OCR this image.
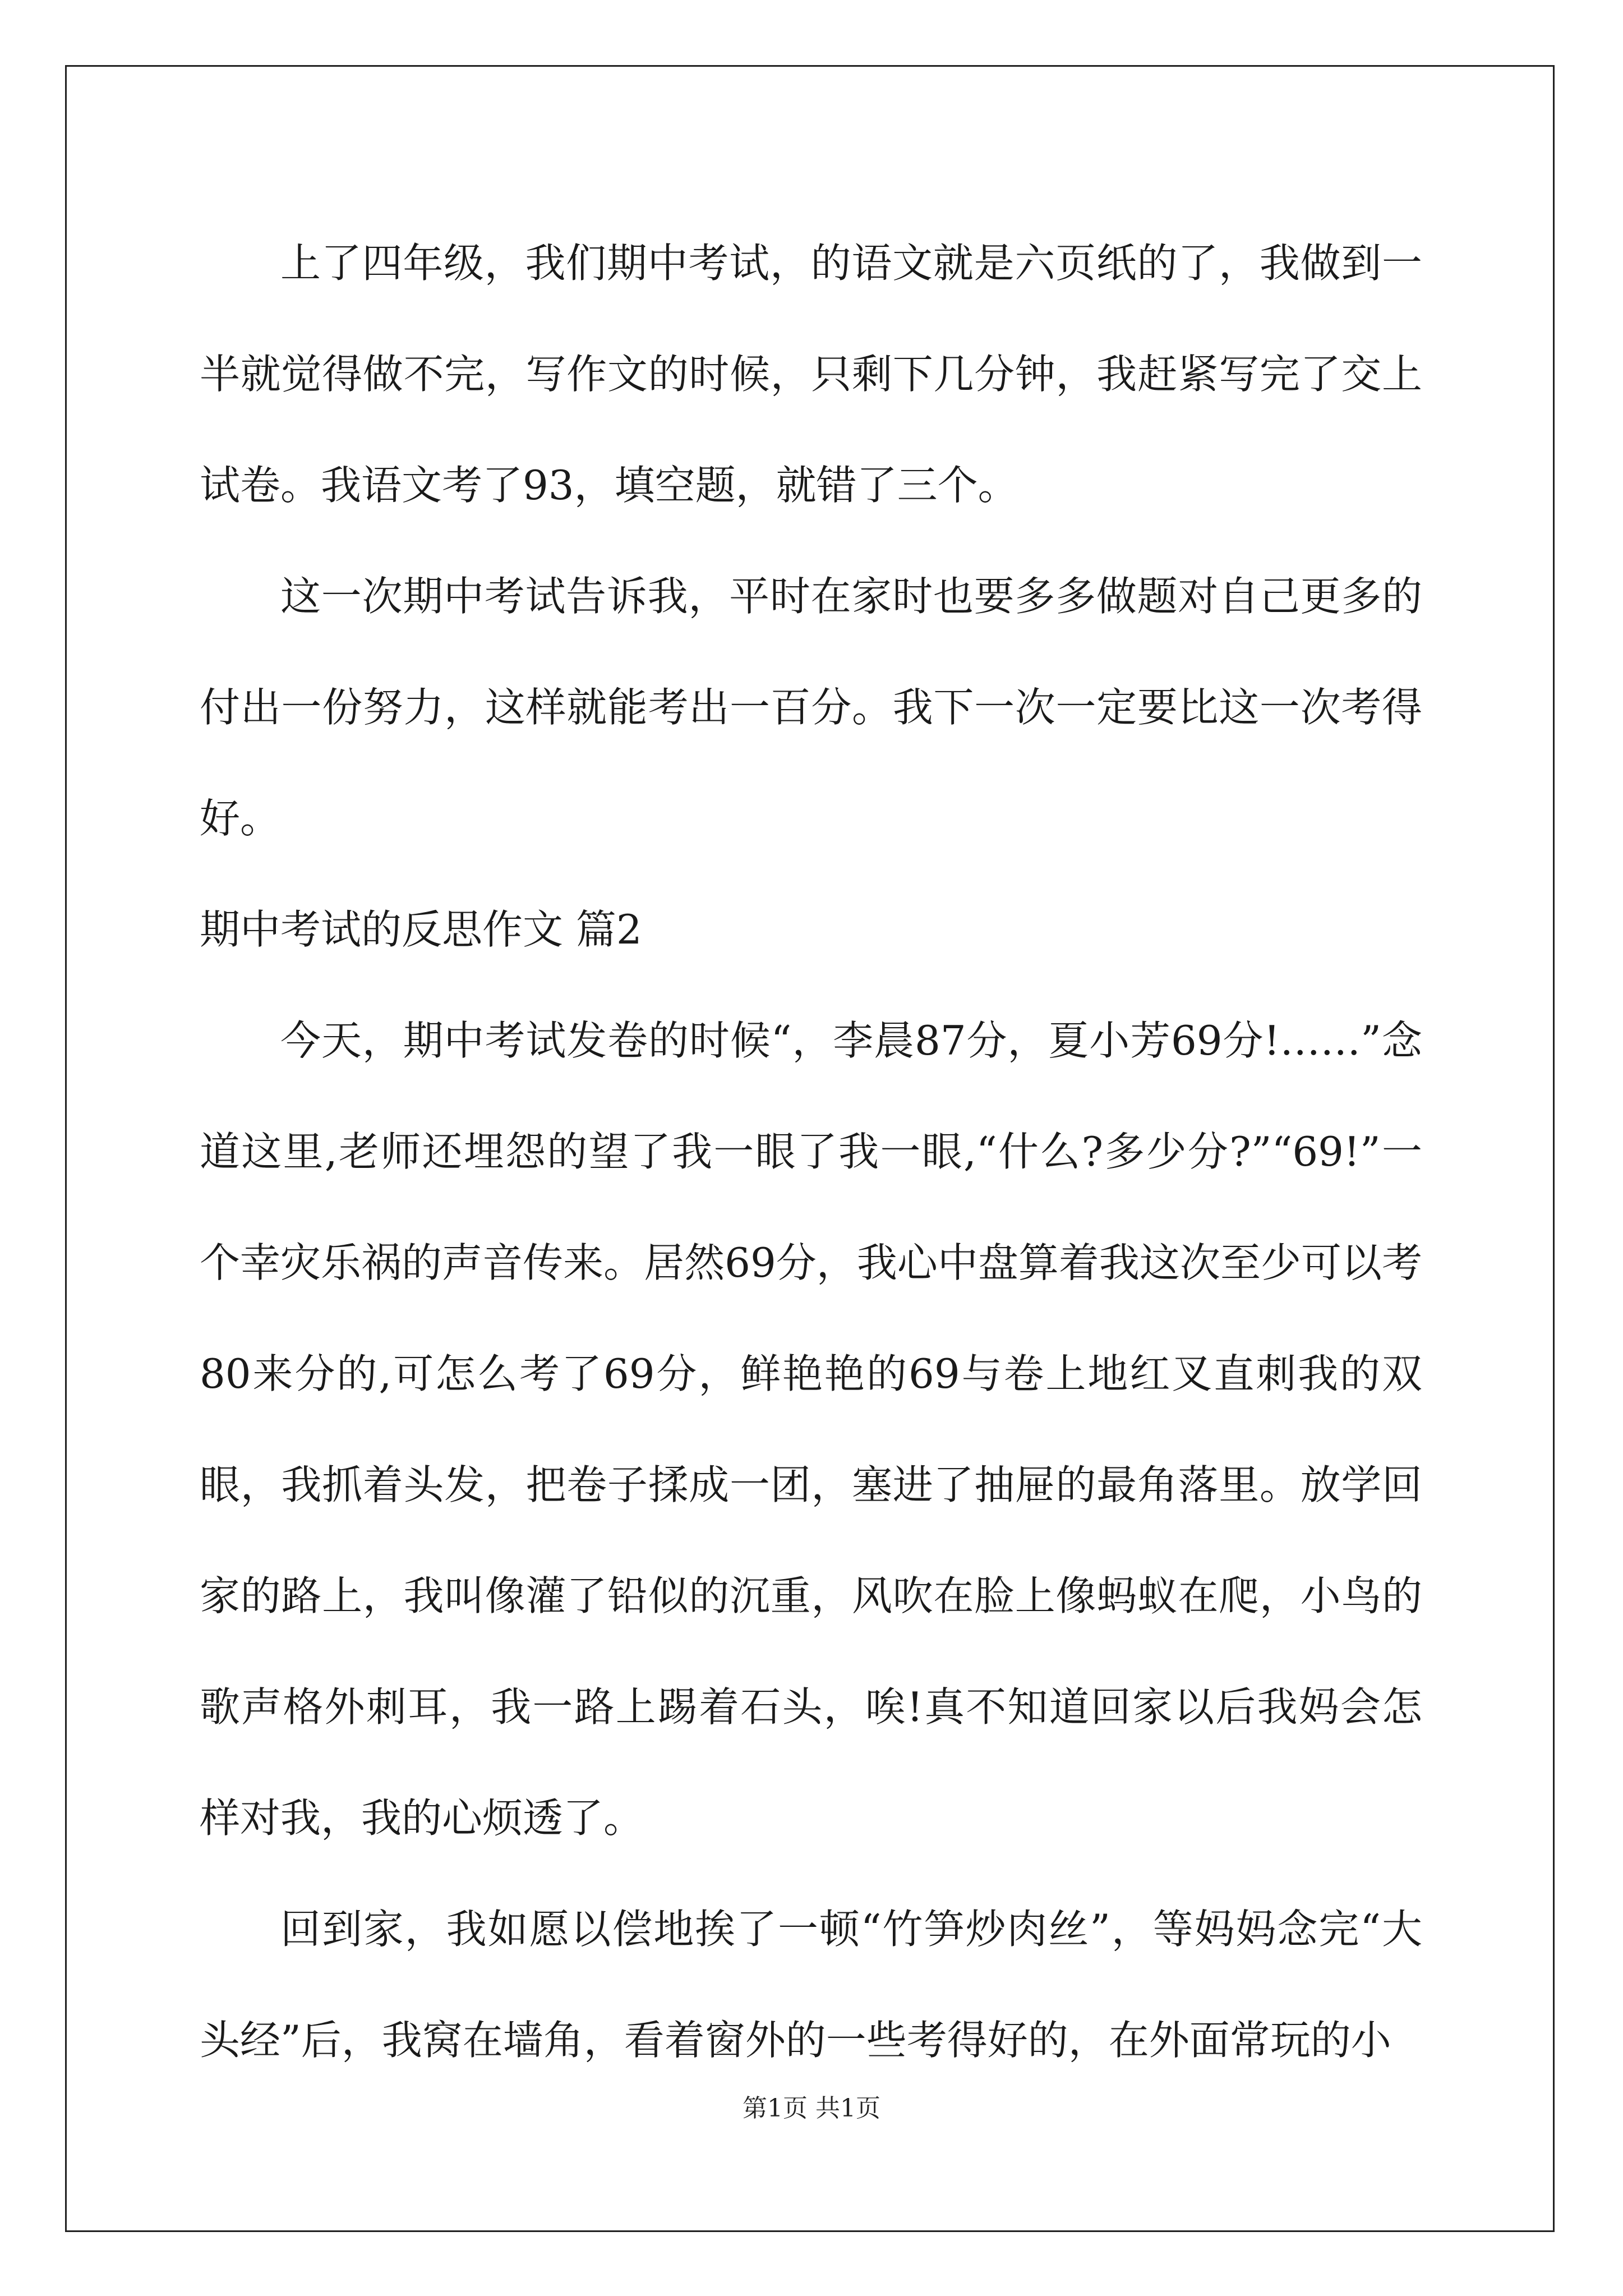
上了四年级，我们期中考试，的语文就是六页纸的了，我做到一半就觉得做不完，写作文的时候，只剩下几分钟，我赶紧写完了交上试卷。我语文考了93，填空题，就错了三个。

这一次期中考试告诉我，平时在家时也要多多做题对自己更多的付出一份努力，这样就能考出一百分。我下一次一定要比这一次考得好。

期中考试的反思作文 篇2

今天，期中考试发卷的时候“，李晨87分，夏小芳69分!……”念道这里,老师还埋怨的望了我一眼了我一眼,“什么?多少分?”“69!”一个幸灾乐祸的声音传来。居然69分，我心中盘算着我这次至少可以考80来分的,可怎么考了69分，鲜艳艳的69与卷上地红叉直刺我的双眼，我抓着头发，把卷子揉成一团，塞进了抽屉的最角落里。放学回家的路上，我叫像灌了铅似的沉重，风吹在脸上像蚂蚁在爬，小鸟的歌声格外刺耳，我一路上踢着石头，唉!真不知道回家以后我妈会怎样对我，我的心烦透了。

回到家，我如愿以偿地挨了一顿“竹笋炒肉丝”，等妈妈念完“大头经”后，我窝在墙角，看着窗外的一些考得好的，在外面常玩的小

第1页 共1页
